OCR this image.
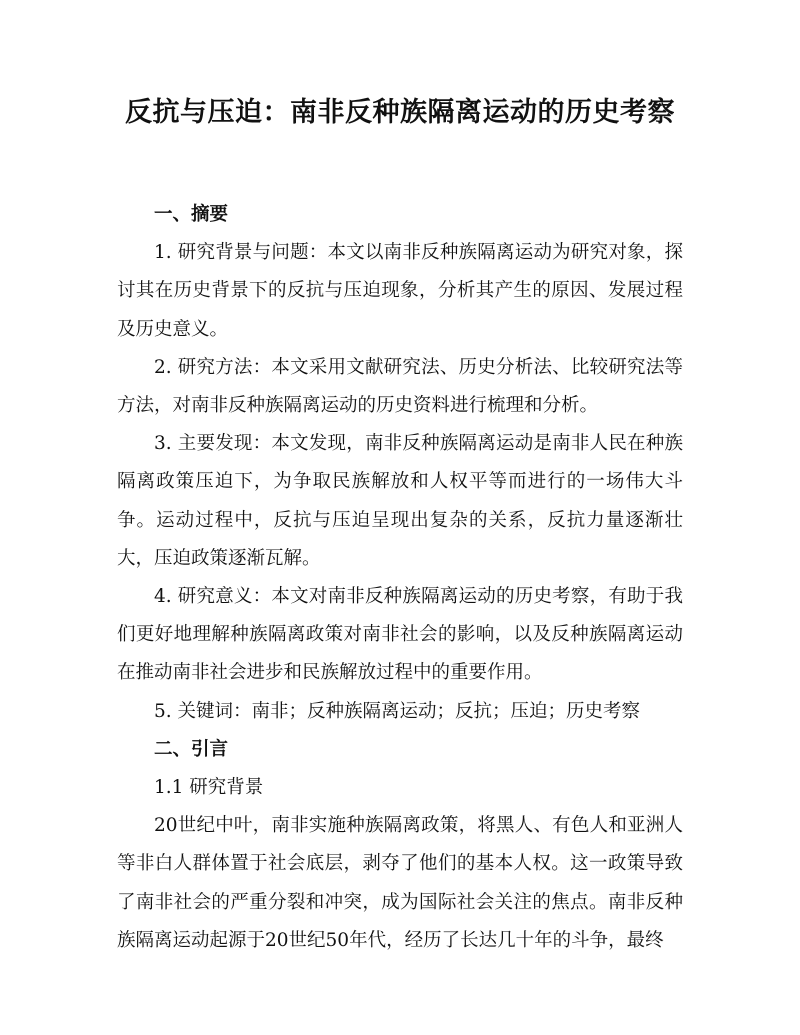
反抗与压迫：南非反种族隔离运动的历史考察

一、摘要

1. 研究背景与问题：本文以南非反种族隔离运动为研究对象，探讨其在历史背景下的反抗与压迫现象，分析其产生的原因、发展过程及历史意义。

2. 研究方法：本文采用文献研究法、历史分析法、比较研究法等方法，对南非反种族隔离运动的历史资料进行梳理和分析。

3. 主要发现：本文发现，南非反种族隔离运动是南非人民在种族隔离政策压迫下，为争取民族解放和人权平等而进行的一场伟大斗争。运动过程中，反抗与压迫呈现出复杂的关系，反抗力量逐渐壮大，压迫政策逐渐瓦解。

4. 研究意义：本文对南非反种族隔离运动的历史考察，有助于我们更好地理解种族隔离政策对南非社会的影响，以及反种族隔离运动在推动南非社会进步和民族解放过程中的重要作用。

5. 关键词：南非；反种族隔离运动；反抗；压迫；历史考察

二、引言

1.1 研究背景

20世纪中叶，南非实施种族隔离政策，将黑人、有色人和亚洲人等非白人群体置于社会底层，剥夺了他们的基本人权。这一政策导致了南非社会的严重分裂和冲突，成为国际社会关注的焦点。南非反种族隔离运动起源于20世纪50年代，经历了长达几十年的斗争，最终
